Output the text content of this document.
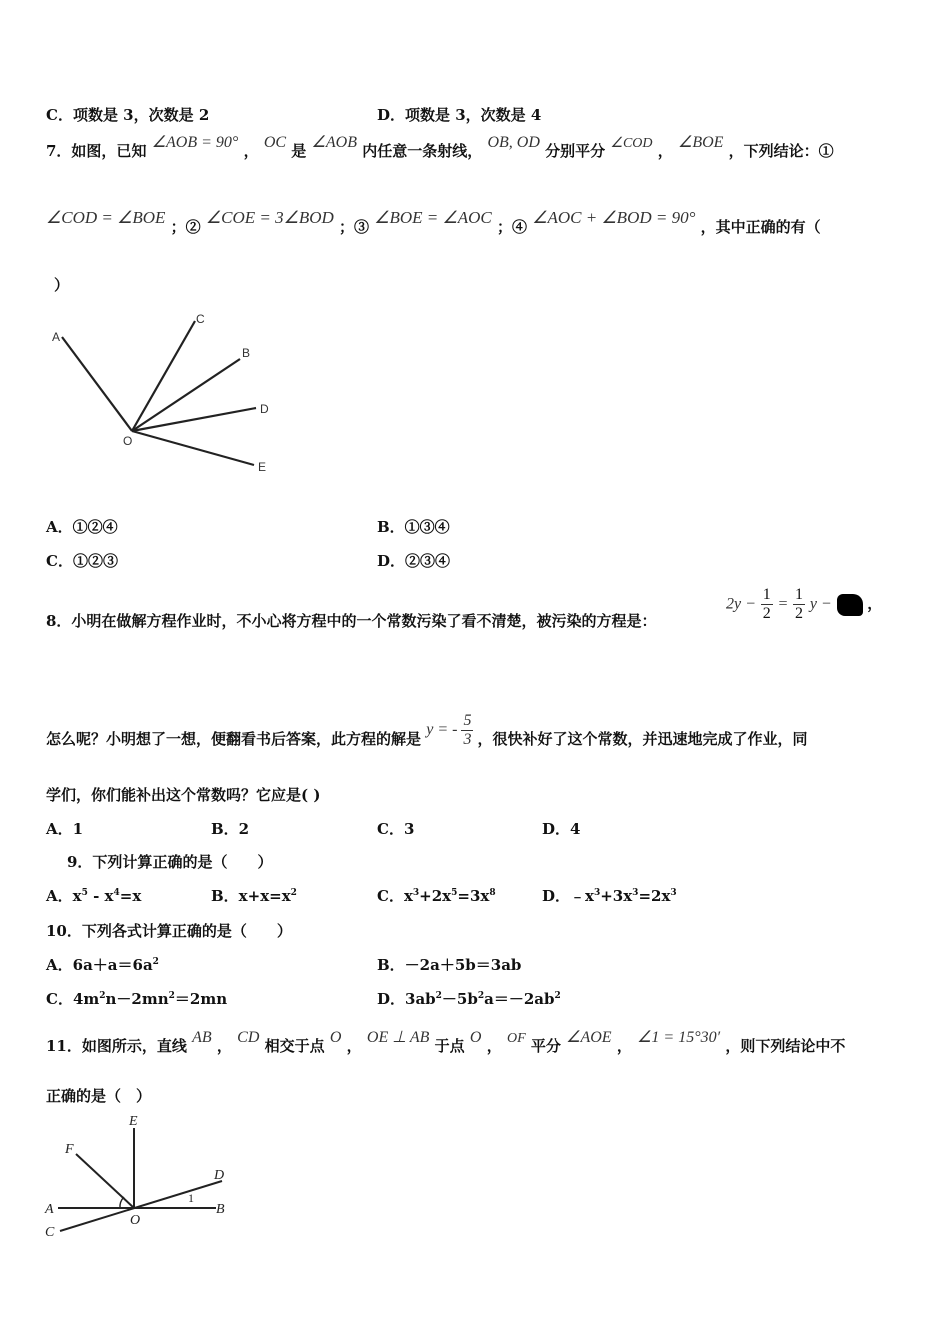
C．项数是 3，次数是 2	D．项数是 3，次数是 4
7．如图，已知 ∠AOB = 90° ， OC 是 ∠AOB 内任意一条射线， OB, OD 分别平分 ∠COD ， ∠BOE ，下列结论：①
∠COD = ∠BOE ；② ∠COE = 3∠BOD ；③ ∠BOE = ∠AOC ；④ ∠AOC + ∠BOD = 90° ，其中正确的有（
）
A
C
B
D
E
O
A．①②④	B．①③④
C．①②③	D．②③④
8．小明在做解方程作业时，不小心将方程中的一个常数污染了看不清楚，被污染的方程是：
$2y - \frac{1}{2} = \frac{1}{2}$ y − ，
怎么呢？小明想了一想，便翻看书后答案，此方程的解是 y = - $\frac{5}{3}$ ，很快补好了这个常数，并迅速地完成了作业，同
学们，你们能补出这个常数吗？它应是( )
A．1	B．2	C．3	D．4
9．下列计算正确的是（　　）
A．$x^5 - x^4=x$	B．$x+x=x^2$	C．$x^3+2x^5=3x^8$	D．$﹣x^3+3x^3=2x^3$
10．下列各式计算正确的是（　　）
A．$6a+a=6a^2$	B．－2a＋5b＝3ab
C．$4m^2n-2mn^2=2mn$	D．$3ab^2-5b^2a=-2ab^2$
11．如图所示，直线 AB ， CD 相交于点 O ， OE ⊥ AB 于点 O ， OF 平分 ∠AOE ， ∠1 = 15°30′ ，则下列结论中不
正确的是（　）
E
F
D
A	B
C
O
1
